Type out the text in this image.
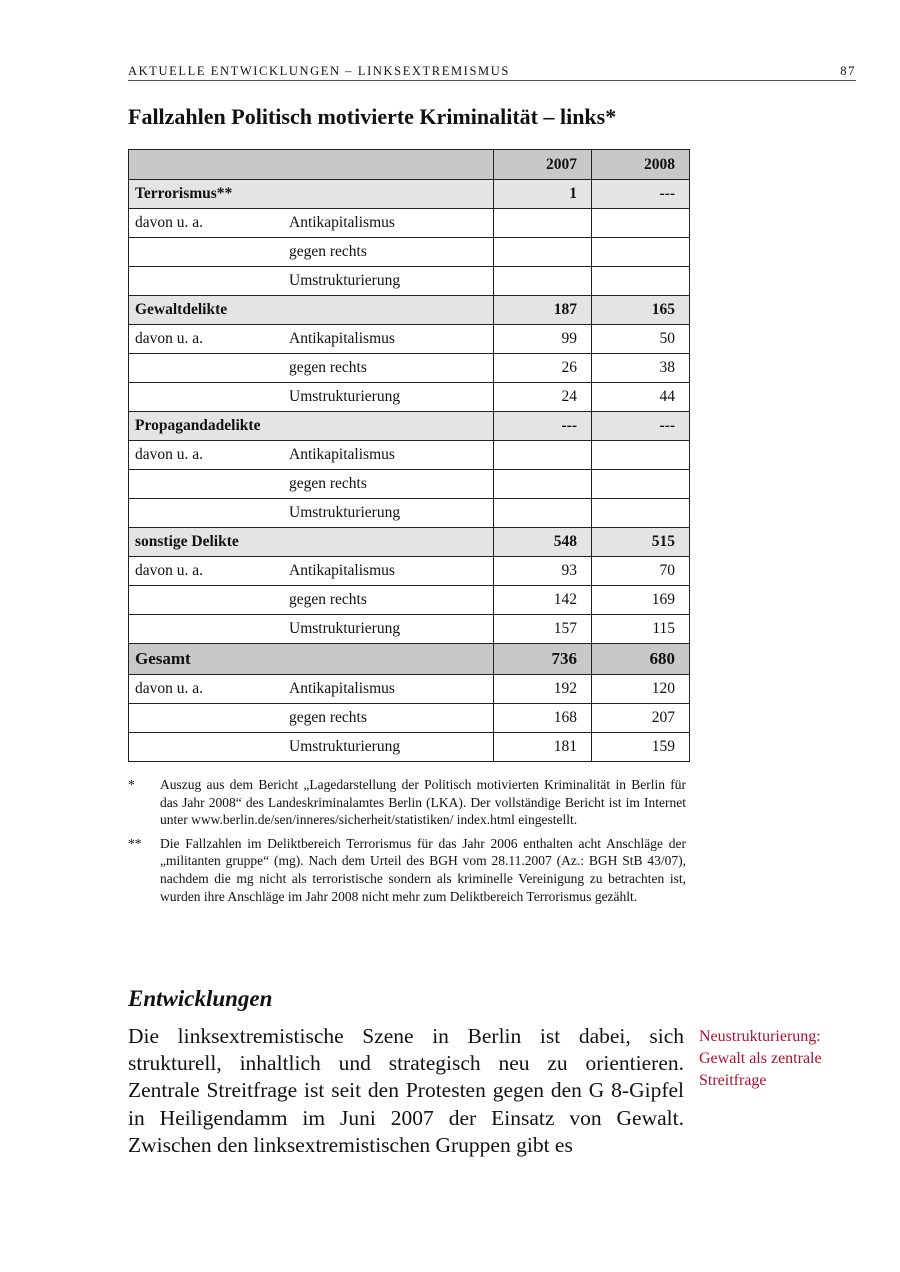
AKTUELLE ENTWICKLUNGEN – LINKSEXTREMISMUS	87
Fallzahlen Politisch motivierte Kriminalität – links*
	2007	2008
Terrorismus**	1	---
davon u. a. Antikapitalismus		
gegen rechts		
Umstrukturierung		
Gewaltdelikte	187	165
davon u. a. Antikapitalismus	99	50
gegen rechts	26	38
Umstrukturierung	24	44
Propagandadelikte	---	---
davon u. a. Antikapitalismus		
gegen rechts		
Umstrukturierung		
sonstige Delikte	548	515
davon u. a. Antikapitalismus	93	70
gegen rechts	142	169
Umstrukturierung	157	115
Gesamt	736	680
davon u. a. Antikapitalismus	192	120
gegen rechts	168	207
Umstrukturierung	181	159
* Auszug aus dem Bericht „Lagedarstellung der Politisch motivierten Kriminalität in Berlin für das Jahr 2008“ des Landeskriminalamtes Berlin (LKA). Der vollständige Bericht ist im Internet unter www.berlin.de/sen/inneres/sicherheit/statistiken/ index.html eingestellt.
** Die Fallzahlen im Deliktbereich Terrorismus für das Jahr 2006 enthalten acht Anschläge der „militanten gruppe“ (mg). Nach dem Urteil des BGH vom 28.11.2007 (Az.: BGH StB 43/07), nachdem die mg nicht als terroristische sondern als kriminelle Vereinigung zu betrachten ist, wurden ihre Anschläge im Jahr 2008 nicht mehr zum Deliktbereich Terrorismus gezählt.
Entwicklungen

Die linksextremistische Szene in Berlin ist dabei, sich strukturell, inhaltlich und strategisch neu zu orientieren. Zentrale Streitfrage ist seit den Protesten gegen den G 8-Gipfel in Heiligendamm im Juni 2007 der Einsatz von Gewalt. Zwischen den linksextremistischen Gruppen gibt es

Neustrukturierung: Gewalt als zentrale Streitfrage
